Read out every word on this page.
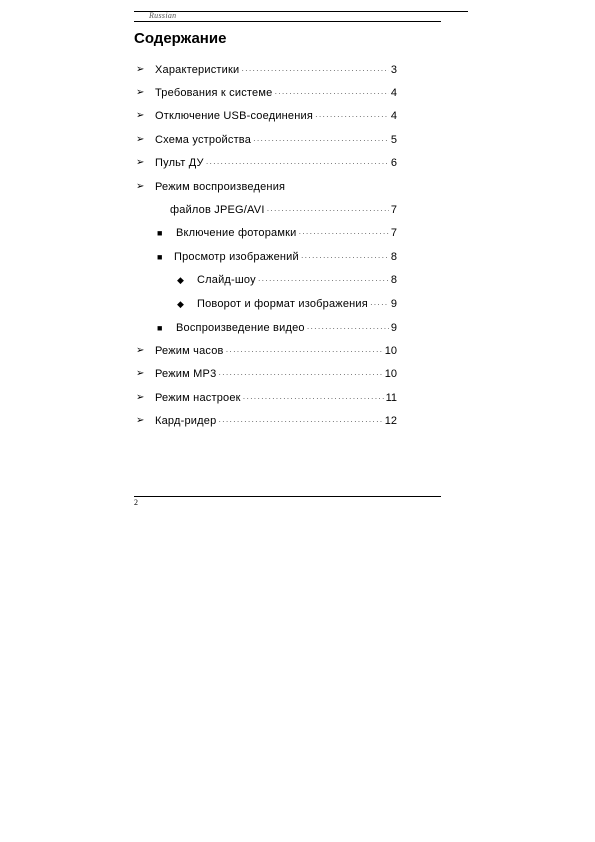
Russian
Содержание
➢ Характеристики ·····	3
➢ Требования к системе ·····	4
➢ Отключение USB-соединения ·····	4
➢ Схема устройства ·····	5
➢ Пульт ДУ ·····	6
➢ Режим воспроизведения
файлов JPEG/AVI ·····	7
■ Включение фоторамки ·····	7
■ Просмотр изображений ·····	8
◆ Слайд-шоу ·····	8
◆ Поворот и формат изображения ····· 9
■ Воспроизведение видео ·····	9
➢ Режим часов ·····	10
➢ Режим MP3 ·····	10
➢ Режим настроек ·····	11
➢ Кард-ридер ·····	12
2
